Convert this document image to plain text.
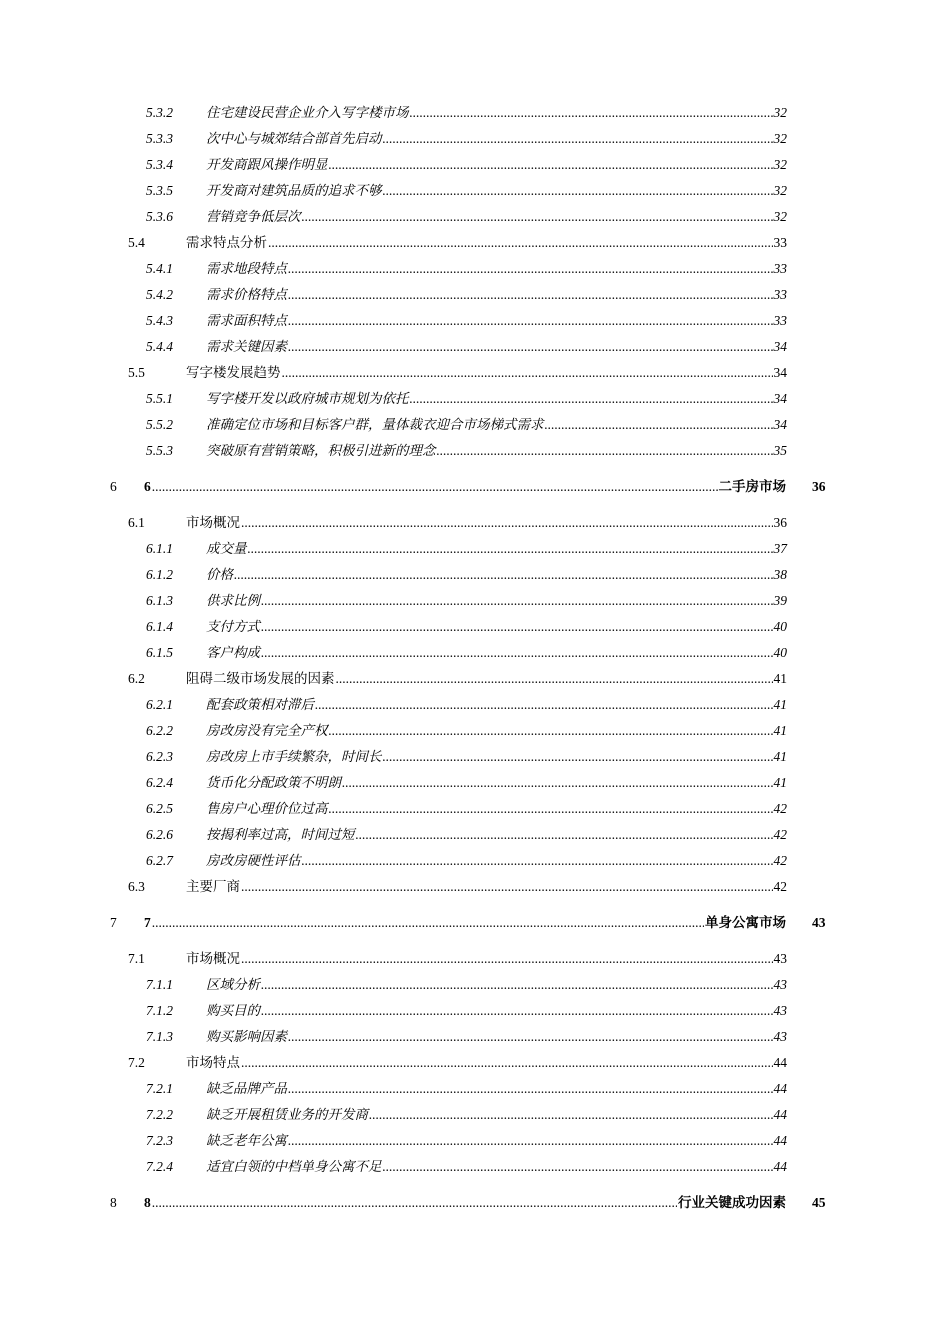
5.3.2 住宅建设民营企业介入写字楼市场 .....	32
5.3.3 次中心与城郊结合部首先启动 .....	32
5.3.4 开发商跟风操作明显 .....	32
5.3.5 开发商对建筑品质的追求不够 .....	32
5.3.6 营销竞争低层次 .....	32
5.4	需求特点分析 .....	33
5.4.1 需求地段特点 .....	33
5.4.2 需求价格特点 .....	33
5.4.3 需求面积特点 .....	33
5.4.4 需求关键因素 .....	34
5.5	写字楼发展趋势 .....	34
5.5.1 写字楼开发以政府城市规划为依托 .....	34
5.5.2 准确定位市场和目标客户群，量体裁衣迎合市场梯式需求 .....	34
5.5.3 突破原有营销策略，积极引进新的理念 .....	35
6 6 .....	二手房市场 36
6.1	市场概况 .....	36
6.1.1 成交量 .....	37
6.1.2 价格 .....	38
6.1.3 供求比例 .....	39
6.1.4 支付方式 .....	40
6.1.5 客户构成 .....	40
6.2	阻碍二级市场发展的因素 .....	41
6.2.1 配套政策相对滞后 .....	41
6.2.2 房改房没有完全产权 .....	41
6.2.3 房改房上市手续繁杂，时间长 .....	41
6.2.4 货币化分配政策不明朗 .....	41
6.2.5 售房户心理价位过高 .....	42
6.2.6 按揭利率过高，时间过短 .....	42
6.2.7 房改房硬性评估 .....	42
6.3	主要厂商 .....	42
7 7 .....	单身公寓市场 43
7.1	市场概况 .....	43
7.1.1 区域分析 .....	43
7.1.2 购买目的 .....	43
7.1.3 购买影响因素 .....	43
7.2	市场特点 .....	44
7.2.1 缺乏品牌产品 .....	44
7.2.2 缺乏开展租赁业务的开发商 .....	44
7.2.3 缺乏老年公寓 .....	44
7.2.4 适宜白领的中档单身公寓不足 .....	44
8 8 .....	行业关键成功因素 45
